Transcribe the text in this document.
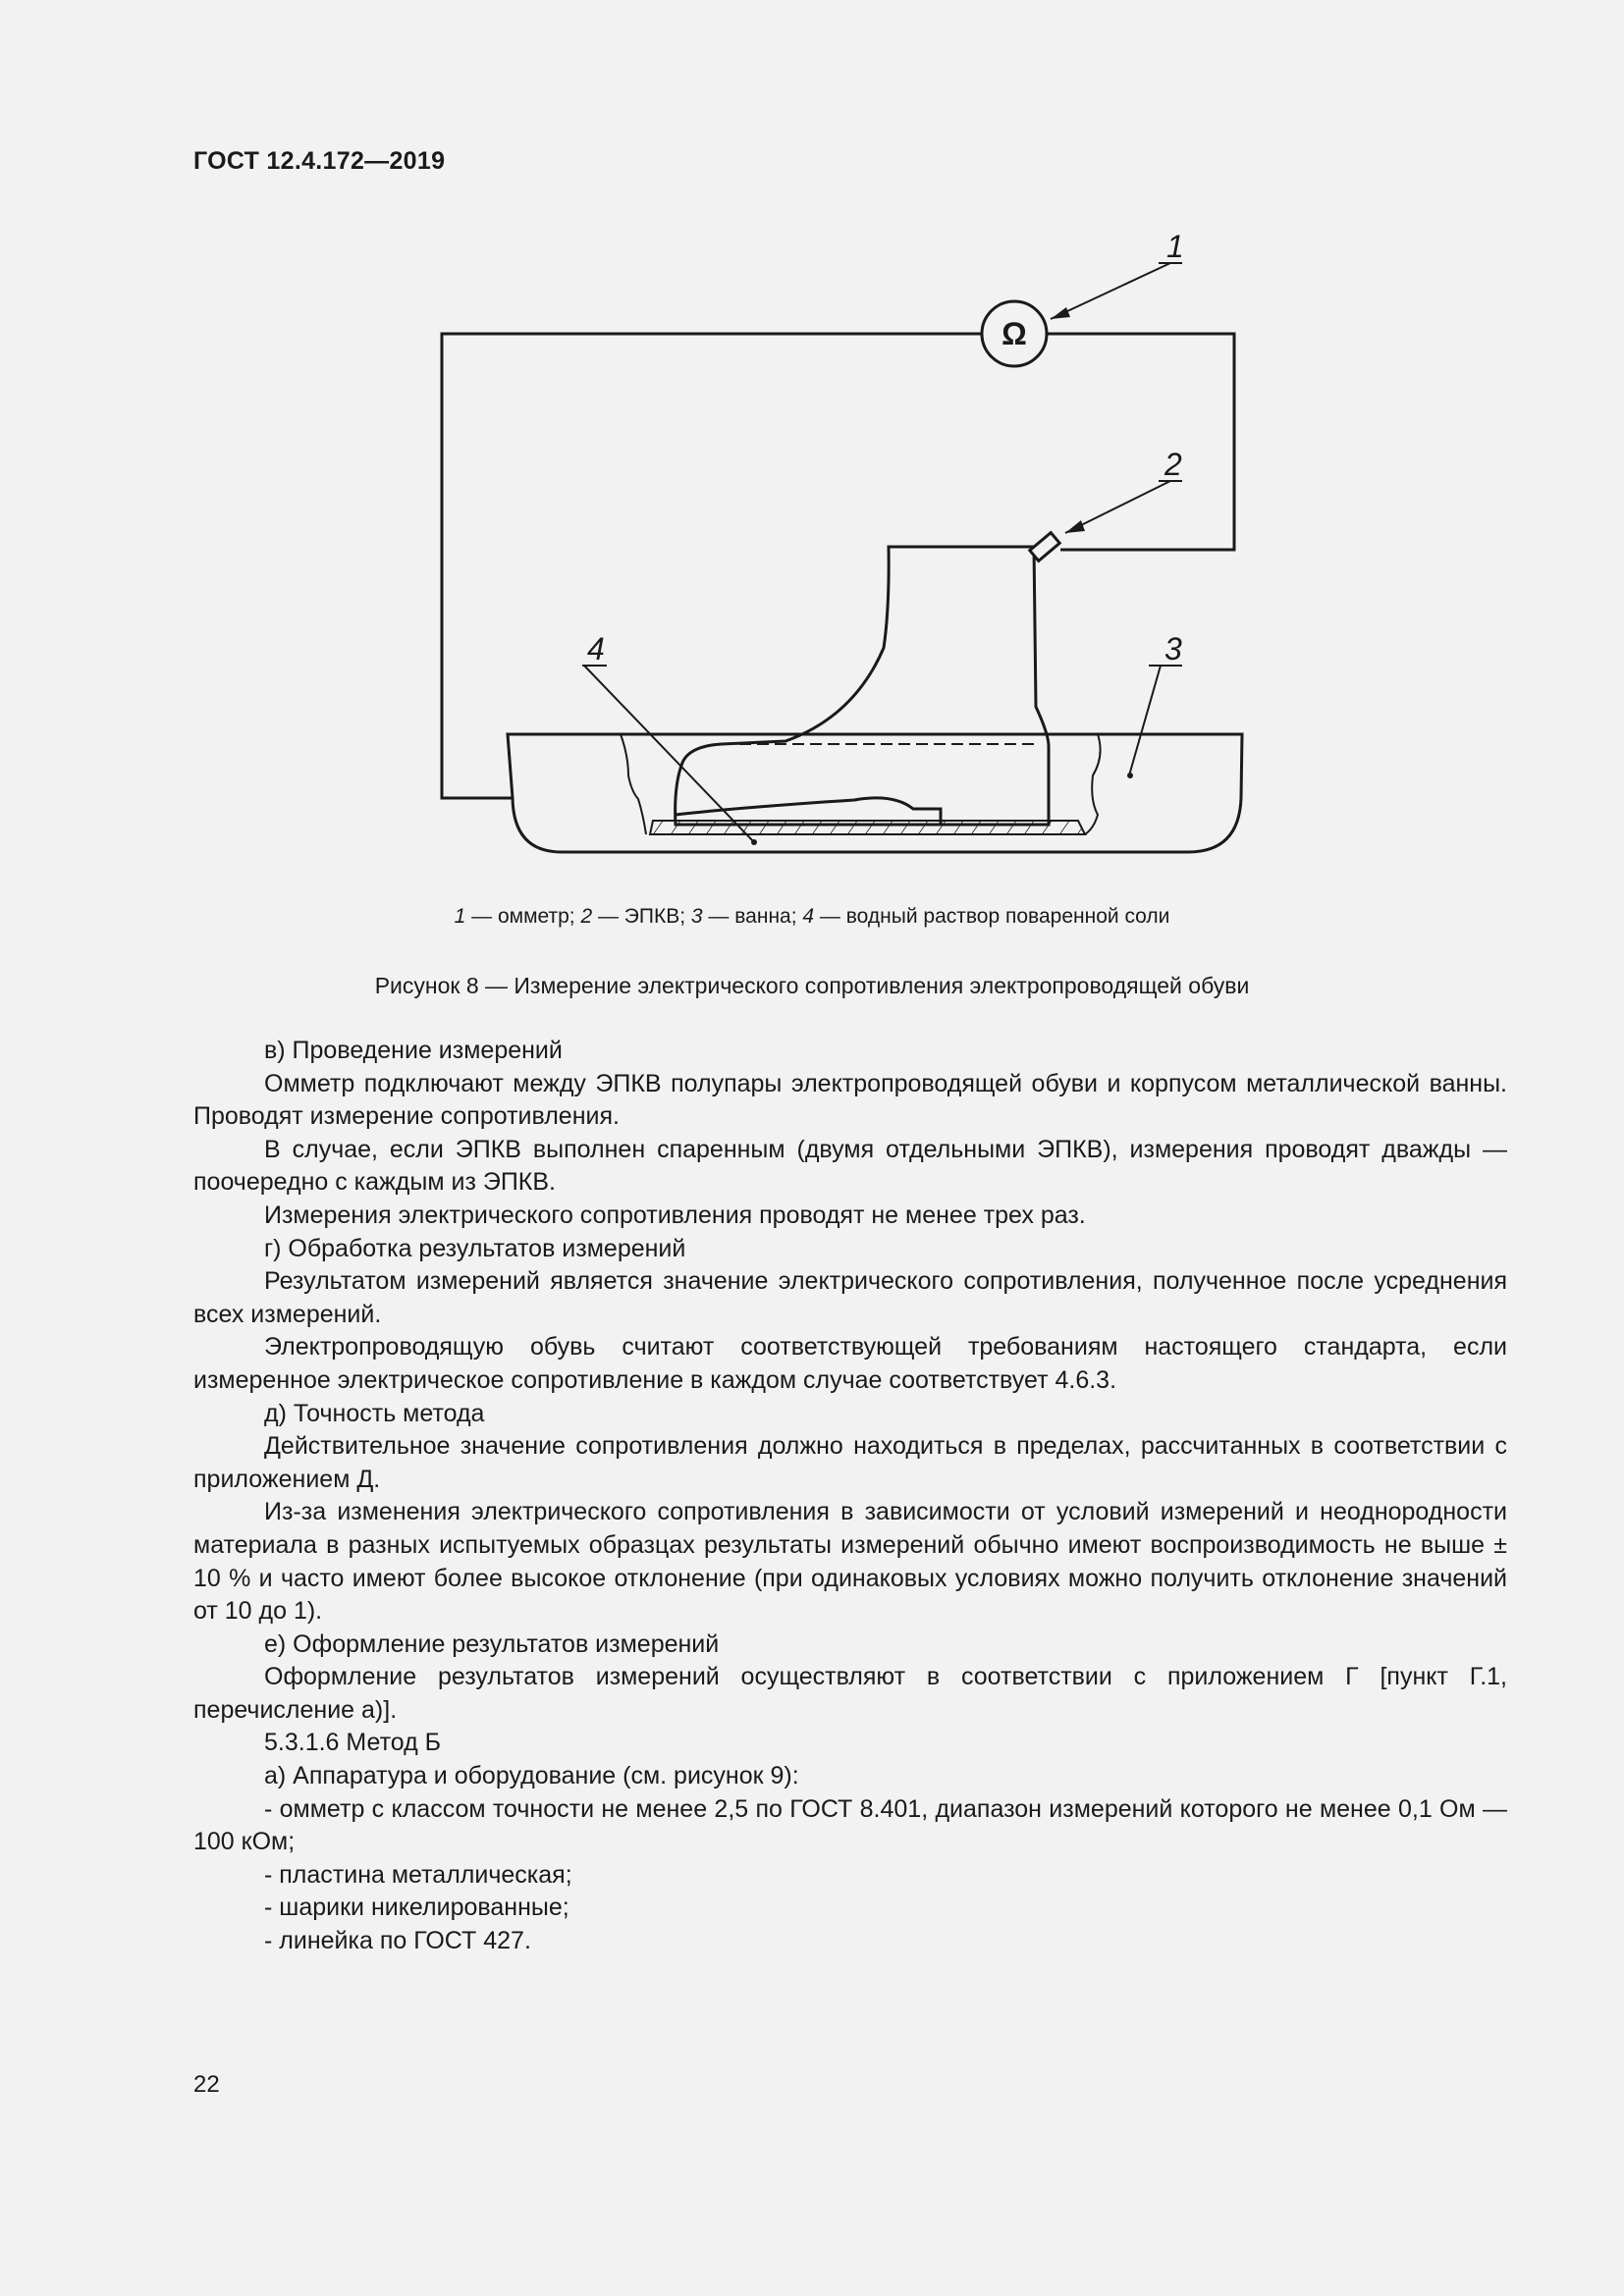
ГОСТ 12.4.172—2019
Ω
1
2
3
4
1 — омметр; 2 — ЭПКВ; 3 — ванна; 4 — водный раствор поваренной соли
Рисунок 8 — Измерение электрического сопротивления электропроводящей обуви

в) Проведение измерений

Омметр подключают между ЭПКВ полупары электропроводящей обуви и корпусом металлической ванны. Проводят измерение сопротивления.

В случае, если ЭПКВ выполнен спаренным (двумя отдельными ЭПКВ), измерения проводят дважды — поочередно с каждым из ЭПКВ.

Измерения электрического сопротивления проводят не менее трех раз.

г) Обработка результатов измерений

Результатом измерений является значение электрического сопротивления, полученное после усреднения всех измерений.

Электропроводящую обувь считают соответствующей требованиям настоящего стандарта, если измеренное электрическое сопротивление в каждом случае соответствует 4.6.3.

д) Точность метода

Действительное значение сопротивления должно находиться в пределах, рассчитанных в соответствии с приложением Д.

Из-за изменения электрического сопротивления в зависимости от условий измерений и неоднородности материала в разных испытуемых образцах результаты измерений обычно имеют воспроизводимость не выше ± 10 % и часто имеют более высокое отклонение (при одинаковых условиях можно получить отклонение значений от 10 до 1).

е) Оформление результатов измерений

Оформление результатов измерений осуществляют в соответствии с приложением Г [пункт Г.1, перечисление а)].

5.3.1.6 Метод Б

а) Аппаратура и оборудование (см. рисунок 9):

- омметр с классом точности не менее 2,5 по ГОСТ 8.401, диапазон измерений которого не менее 0,1 Ом — 100 кОм;

- пластина металлическая;

- шарики никелированные;

- линейка по ГОСТ 427.

22
